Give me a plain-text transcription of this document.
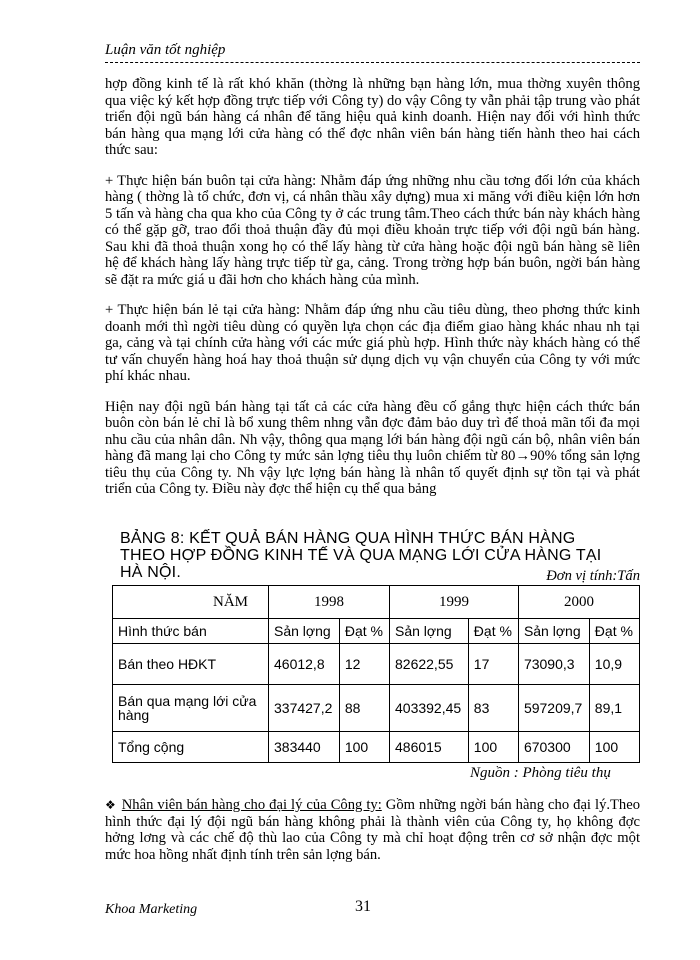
Luận văn tốt nghiệp

hợp đồng kinh tế là rất khó khăn (thờng là những bạn hàng lớn, mua thờng xuyên thông qua việc ký kết hợp đồng trực tiếp với Công ty) do vậy Công ty vẫn phải tập trung vào phát triển đội ngũ bán hàng cá nhân để tăng hiệu quả kinh doanh. Hiện nay đối với hình thức bán hàng qua mạng lới cửa hàng có thể đợc nhân viên bán hàng tiến hành theo hai cách thức sau:

+ Thực hiện bán buôn tại cửa hàng: Nhằm đáp ứng những nhu cầu tơng đối lớn của khách hàng ( thờng là tổ chức, đơn vị, cá nhân thầu xây dựng) mua xi măng với điều kiện lớn hơn 5 tấn và hàng cha qua kho của Công ty ở các trung tâm.Theo cách thức bán này khách hàng có thể gặp gỡ, trao đổi thoả thuận đầy đủ mọi điều khoản trực tiếp với đội ngũ bán hàng. Sau khi đã thoả thuận xong họ có thể lấy hàng từ cửa hàng hoặc đội ngũ bán hàng sẽ liên hệ để khách hàng lấy hàng trực tiếp từ ga, cảng. Trong trờng hợp bán buôn, ngời bán hàng sẽ đặt ra mức giá u đãi hơn cho khách hàng của mình.

+ Thực hiện bán lẻ tại cửa hàng: Nhằm đáp ứng nhu cầu tiêu dùng, theo phơng thức kinh doanh mới thì ngời tiêu dùng có quyền lựa chọn các địa điểm giao hàng khác nhau nh tại ga, cảng và tại chính cửa hàng với các mức giá phù hợp. Hình thức này khách hàng có thể tư vấn chuyển hàng hoá hay thoả thuận sử dụng dịch vụ vận chuyển của Công ty với mức phí khác nhau.

Hiện nay đội ngũ bán hàng tại tất cả các cửa hàng đều cố gắng thực hiện cách thức bán buôn còn bán lẻ chỉ là bổ xung thêm nhng vẫn đợc đảm bảo duy trì để thoả mãn tối đa mọi nhu cầu của nhân dân. Nh vậy, thông qua mạng lới bán hàng đội ngũ cán bộ, nhân viên bán hàng đã mang lại cho Công ty mức sản lợng tiêu thụ luôn chiếm từ 80→90% tổng sản lợng tiêu thụ của Công ty. Nh vậy lực lợng bán hàng là nhân tố quyết định sự tồn tại và phát triển của Công ty. Điều này đợc thể hiện cụ thể qua bảng

BẢNG 8: KẾT QUẢ BÁN HÀNG QUA HÌNH THỨC BÁN HÀNG THEO HỢP ĐỒNG KINH TẾ VÀ QUA MẠNG LỚI CỬA HÀNG TẠI HÀ NỘI.	Đơn vị tính:Tấn
NĂM	1998		1999		2000	
Hình thức bán	Sản lợng	Đạt %	Sản lợng	Đạt %	Sản lợng	Đạt %
Bán theo HĐKT	46012,8	12	82622,55	17	73090,3	10,9
Bán qua mạng lới cửa hàng	337427,2	88	403392,45	83	597209,7	89,1
Tổng cộng	383440	100	486015	100	670300	100
Nguồn : Phòng tiêu thụ
❖ Nhân viên bán hàng cho đại lý của Công ty: Gồm những ngời bán hàng cho đại lý.Theo hình thức đại lý đội ngũ bán hàng không phải là thành viên của Công ty, họ không đợc hởng lơng và các chế độ thù lao của Công ty mà chỉ hoạt động trên cơ sở nhận đợc một mức hoa hồng nhất định tính trên sản lợng bán.
Khoa Marketing	31
